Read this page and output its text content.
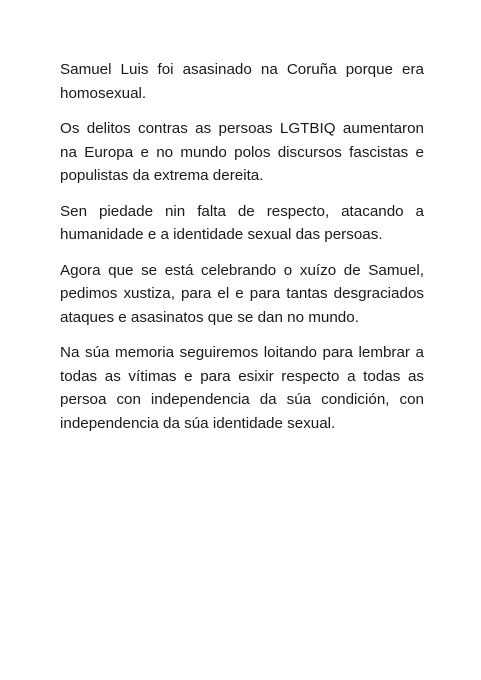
Samuel Luis foi asasinado na Coruña porque era homosexual.

Os delitos contras as persoas LGTBIQ aumentaron na Europa e no mundo polos discursos fascistas e populistas da extrema dereita.

Sen piedade nin falta de respecto, atacando a humanidade e a identidade sexual das persoas.

Agora que se está celebrando o xuízo de Samuel, pedimos xustiza, para el e para tantas desgraciados ataques e asasinatos que se dan no mundo.

Na súa memoria seguiremos loitando para lembrar a todas as vítimas e para esixir respecto a todas as persoa con independencia da súa condición, con independencia da súa identidade sexual.
